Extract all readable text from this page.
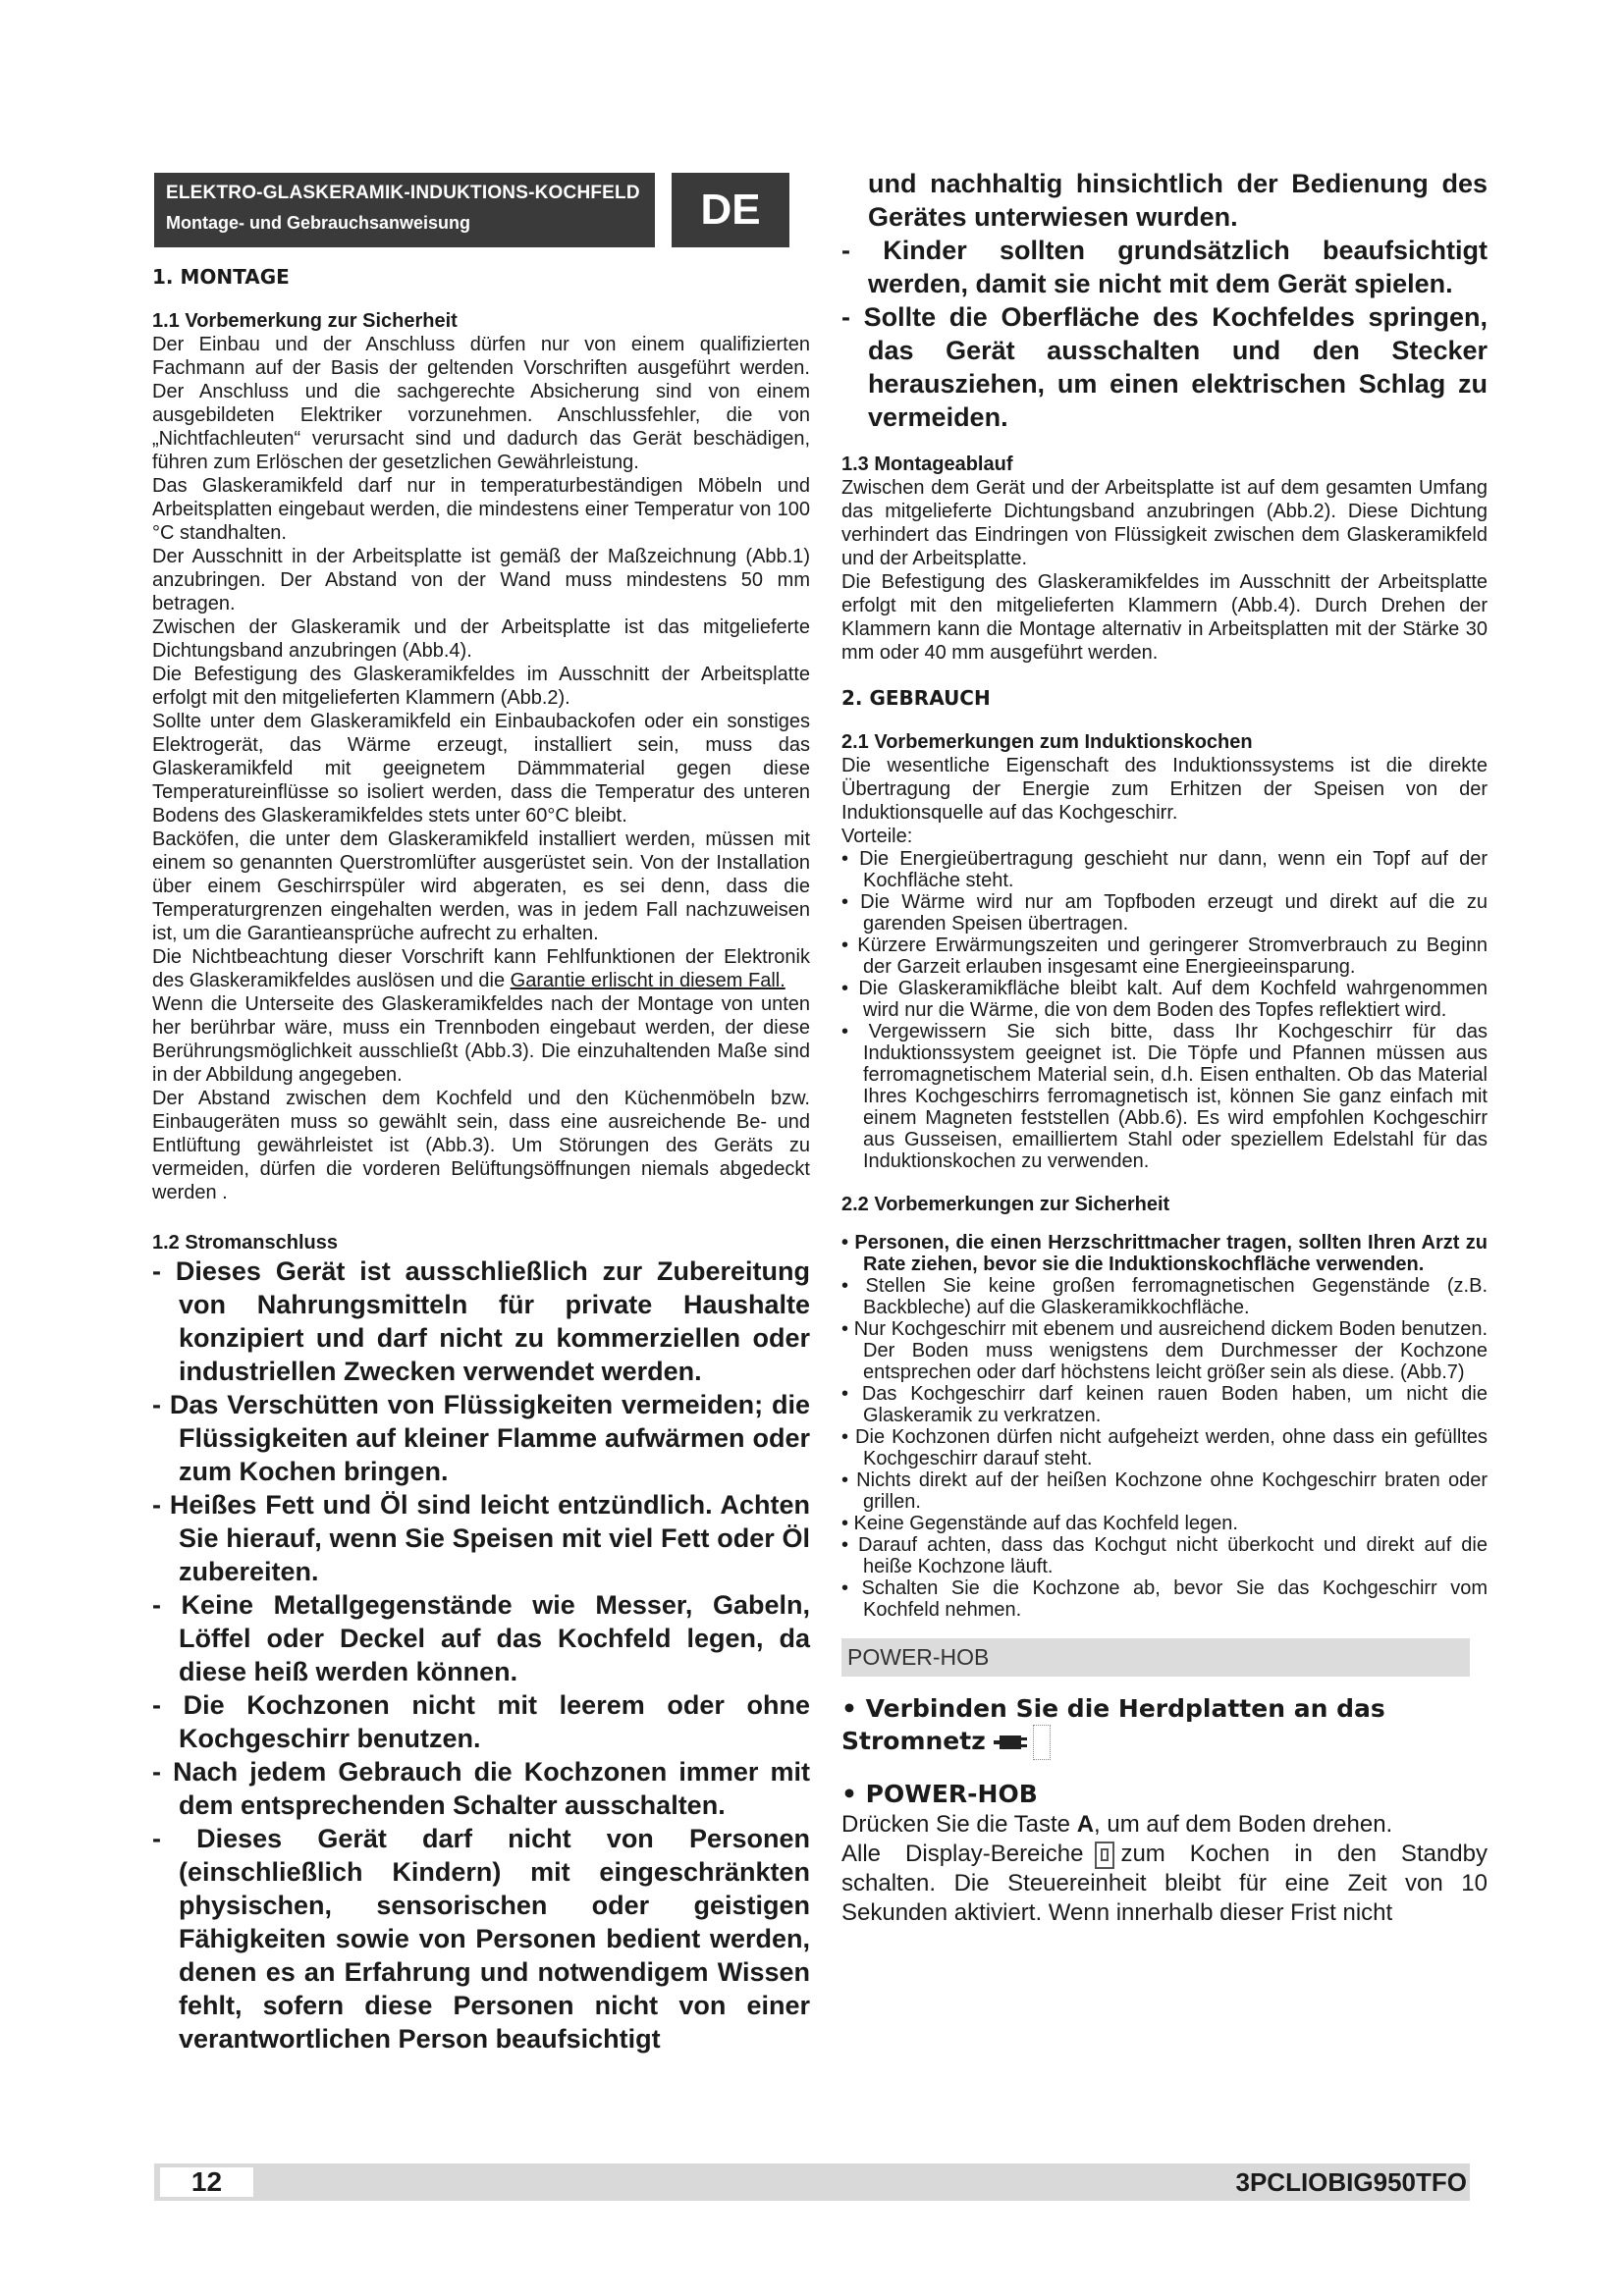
ELEKTRO-GLASKERAMIK-INDUKTIONS-KOCHFELD
Montage- und Gebrauchsanweisung	DE

1. MONTAGE

1.1 Vorbemerkung zur Sicherheit

Der Einbau und der Anschluss dürfen nur von einem qualifizierten Fachmann auf der Basis der geltenden Vorschriften ausgeführt werden. Der Anschluss und die sachgerechte Absicherung sind von einem ausgebildeten Elektriker vorzunehmen. Anschlussfehler, die von „Nichtfachleuten“ verursacht sind und dadurch das Gerät beschädigen, führen zum Erlöschen der gesetzlichen Gewährleistung.

Das Glaskeramikfeld darf nur in temperaturbeständigen Möbeln und Arbeitsplatten eingebaut werden, die mindestens einer Temperatur von 100 °C standhalten.

Der Ausschnitt in der Arbeitsplatte ist gemäß der Maßzeichnung (Abb.1) anzubringen. Der Abstand von der Wand muss mindestens 50 mm betragen.

Zwischen der Glaskeramik und der Arbeitsplatte ist das mitgelieferte Dichtungsband anzubringen (Abb.4).

Die Befestigung des Glaskeramikfeldes im Ausschnitt der Arbeitsplatte erfolgt mit den mitgelieferten Klammern (Abb.2).

Sollte unter dem Glaskeramikfeld ein Einbaubackofen oder ein sonstiges Elektrogerät, das Wärme erzeugt, installiert sein, muss das Glaskeramikfeld mit geeignetem Dämmmaterial gegen diese Temperatureinflüsse so isoliert werden, dass die Temperatur des unteren Bodens des Glaskeramikfeldes stets unter 60°C bleibt.

Backöfen, die unter dem Glaskeramikfeld installiert werden, müssen mit einem so genannten Querstromlüfter ausgerüstet sein. Von der Installation über einem Geschirrspüler wird abgeraten, es sei denn, dass die Temperaturgrenzen eingehalten werden, was in jedem Fall nachzuweisen ist, um die Garantieansprüche aufrecht zu erhalten.

Die Nichtbeachtung dieser Vorschrift kann Fehlfunktionen der Elektronik des Glaskeramikfeldes auslösen und die Garantie erlischt in diesem Fall.

Wenn die Unterseite des Glaskeramikfeldes nach der Montage von unten her berührbar wäre, muss ein Trennboden eingebaut werden, der diese Berührungsmöglichkeit ausschließt (Abb.3). Die einzuhaltenden Maße sind in der Abbildung angegeben.

Der Abstand zwischen dem Kochfeld und den Küchenmöbeln bzw. Einbaugeräten muss so gewählt sein, dass eine ausreichende Be- und Entlüftung gewährleistet ist (Abb.3). Um Störungen des Geräts zu vermeiden, dürfen die vorderen Belüftungsöffnungen niemals abgedeckt werden .

1.2 Stromanschluss

- Dieses Gerät ist ausschließlich zur Zubereitung von Nahrungsmitteln für private Haushalte konzipiert und darf nicht zu kommerziellen oder industriellen Zwecken verwendet werden.

- Das Verschütten von Flüssigkeiten vermeiden; die Flüssigkeiten auf kleiner Flamme aufwärmen oder zum Kochen bringen.

- Heißes Fett und Öl sind leicht entzündlich. Achten Sie hierauf, wenn Sie Speisen mit viel Fett oder Öl zubereiten.

- Keine Metallgegenstände wie Messer, Gabeln, Löffel oder Deckel auf das Kochfeld legen, da diese heiß werden können.

- Die Kochzonen nicht mit leerem oder ohne Kochgeschirr benutzen.

- Nach jedem Gebrauch die Kochzonen immer mit dem entsprechenden Schalter ausschalten.

- Dieses Gerät darf nicht von Personen (einschließlich Kindern) mit eingeschränkten physischen, sensorischen oder geistigen Fähigkeiten sowie von Personen bedient werden, denen es an Erfahrung und notwendigem Wissen fehlt, sofern diese Personen nicht von einer verantwortlichen Person beaufsichtigt

und nachhaltig hinsichtlich der Bedienung des Gerätes unterwiesen wurden.

- Kinder sollten grundsätzlich beaufsichtigt werden, damit sie nicht mit dem Gerät spielen.

- Sollte die Oberfläche des Kochfeldes springen, das Gerät ausschalten und den Stecker herausziehen, um einen elektrischen Schlag zu vermeiden.

1.3 Montageablauf

Zwischen dem Gerät und der Arbeitsplatte ist auf dem gesamten Umfang das mitgelieferte Dichtungsband anzubringen (Abb.2). Diese Dichtung verhindert das Eindringen von Flüssigkeit zwischen dem Glaskeramikfeld und der Arbeitsplatte.

Die Befestigung des Glaskeramikfeldes im Ausschnitt der Arbeitsplatte erfolgt mit den mitgelieferten Klammern (Abb.4). Durch Drehen der Klammern kann die Montage alternativ in Arbeitsplatten mit der Stärke 30 mm oder 40 mm ausgeführt werden.

2. GEBRAUCH

2.1 Vorbemerkungen zum Induktionskochen

Die wesentliche Eigenschaft des Induktionssystems ist die direkte Übertragung der Energie zum Erhitzen der Speisen von der Induktionsquelle auf das Kochgeschirr.

Vorteile:

• Die Energieübertragung geschieht nur dann, wenn ein Topf auf der Kochfläche steht.

• Die Wärme wird nur am Topfboden erzeugt und direkt auf die zu garenden Speisen übertragen.

• Kürzere Erwärmungszeiten und geringerer Stromverbrauch zu Beginn der Garzeit erlauben insgesamt eine Energieeinsparung.

• Die Glaskeramikfläche bleibt kalt. Auf dem Kochfeld wahrgenommen wird nur die Wärme, die von dem Boden des Topfes reflektiert wird.

• Vergewissern Sie sich bitte, dass Ihr Kochgeschirr für das Induktionssystem geeignet ist. Die Töpfe und Pfannen müssen aus ferromagnetischem Material sein, d.h. Eisen enthalten. Ob das Material Ihres Kochgeschirrs ferromagnetisch ist, können Sie ganz einfach mit einem Magneten feststellen (Abb.6). Es wird empfohlen Kochgeschirr aus Gusseisen, emailliertem Stahl oder speziellem Edelstahl für das Induktionskochen zu verwenden.

2.2 Vorbemerkungen zur Sicherheit

• Personen, die einen Herzschrittmacher tragen, sollten Ihren Arzt zu Rate ziehen, bevor sie die Induktionskochfläche verwenden.

• Stellen Sie keine großen ferromagnetischen Gegenstände (z.B. Backbleche) auf die Glaskeramikkochfläche.

• Nur Kochgeschirr mit ebenem und ausreichend dickem Boden benutzen. Der Boden muss wenigstens dem Durchmesser der Kochzone entsprechen oder darf höchstens leicht größer sein als diese. (Abb.7)

• Das Kochgeschirr darf keinen rauen Boden haben, um nicht die Glaskeramik zu verkratzen.

• Die Kochzonen dürfen nicht aufgeheizt werden, ohne dass ein gefülltes Kochgeschirr darauf steht.

• Nichts direkt auf der heißen Kochzone ohne Kochgeschirr braten oder grillen.

• Keine Gegenstände auf das Kochfeld legen.

• Darauf achten, dass das Kochgut nicht überkocht und direkt auf die heiße Kochzone läuft.

• Schalten Sie die Kochzone ab, bevor Sie das Kochgeschirr vom Kochfeld nehmen.

POWER-HOB

• Verbinden Sie die Herdplatten an das Stromnetz

• POWER-HOB

Drücken Sie die Taste A, um auf dem Boden drehen.

Alle Display-Bereiche zum Kochen in den Standby schalten. Die Steuereinheit bleibt für eine Zeit von 10 Sekunden aktiviert. Wenn innerhalb dieser Frist nicht

12	3PCLIOBIG950TFO
